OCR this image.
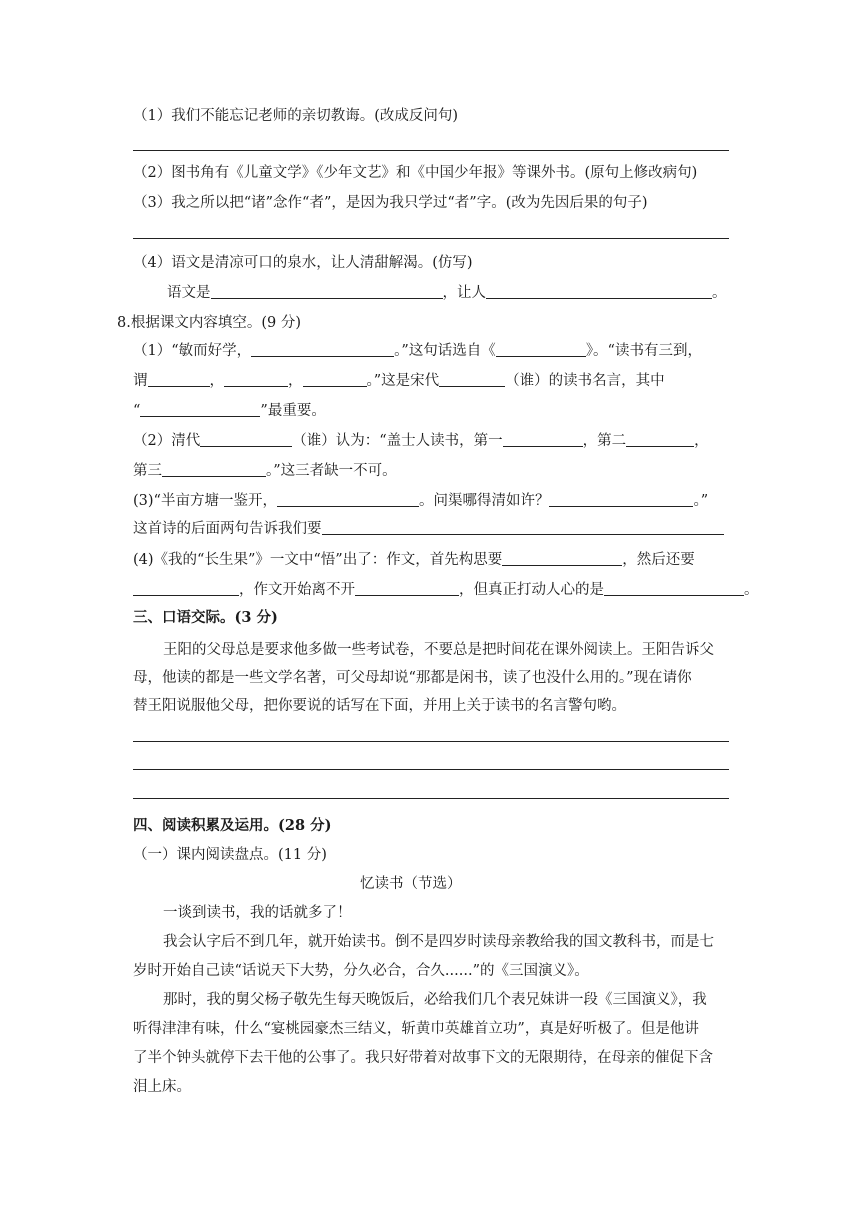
（1）我们不能忘记老师的亲切教诲。(改成反问句)
（2）图书角有《儿童文学》《少年文艺》和《中国少年报》等课外书。(原句上修改病句)
（3）我之所以把“诸”念作“者”，是因为我只学过“者”字。(改为先因后果的句子)
（4）语文是清凉可口的泉水，让人清甜解渴。(仿写)
语文是	，让人	。
8.根据课文内容填空。(9 分)
（1）“敏而好学，	。”这句话选自《	》。“读书有三到，
谓	，	，	。”这是宋代	（谁）的读书名言，其中
“	”最重要。
（2）清代	（谁）认为：“盖士人读书，第一	，第二	，
第三	。”这三者缺一不可。
(3)“半亩方塘一鉴开，	。问渠哪得清如许？	。”
这首诗的后面两句告诉我们要
(4)《我的“长生果”》一文中“悟”出了：作文，首先构思要	，然后还要
，作文开始离不开	，但真正打动人心的是	。
三、口语交际。(3 分)
王阳的父母总是要求他多做一些考试卷，不要总是把时间花在课外阅读上。王阳告诉父
母，他读的都是一些文学名著，可父母却说“那都是闲书，读了也没什么用的。”现在请你
替王阳说服他父母，把你要说的话写在下面，并用上关于读书的名言警句哟。
四、阅读积累及运用。(28 分)
（一）课内阅读盘点。(11 分)
忆读书（节选）
一谈到读书，我的话就多了！
我会认字后不到几年，就开始读书。倒不是四岁时读母亲教给我的国文教科书，而是七
岁时开始自己读“话说天下大势，分久必合，合久......”的《三国演义》。
那时，我的舅父杨子敬先生每天晚饭后，必给我们几个表兄妹讲一段《三国演义》，我
听得津津有味，什么“宴桃园豪杰三结义，斩黄巾英雄首立功”，真是好听极了。但是他讲
了半个钟头就停下去干他的公事了。我只好带着对故事下文的无限期待，在母亲的催促下含
泪上床。
